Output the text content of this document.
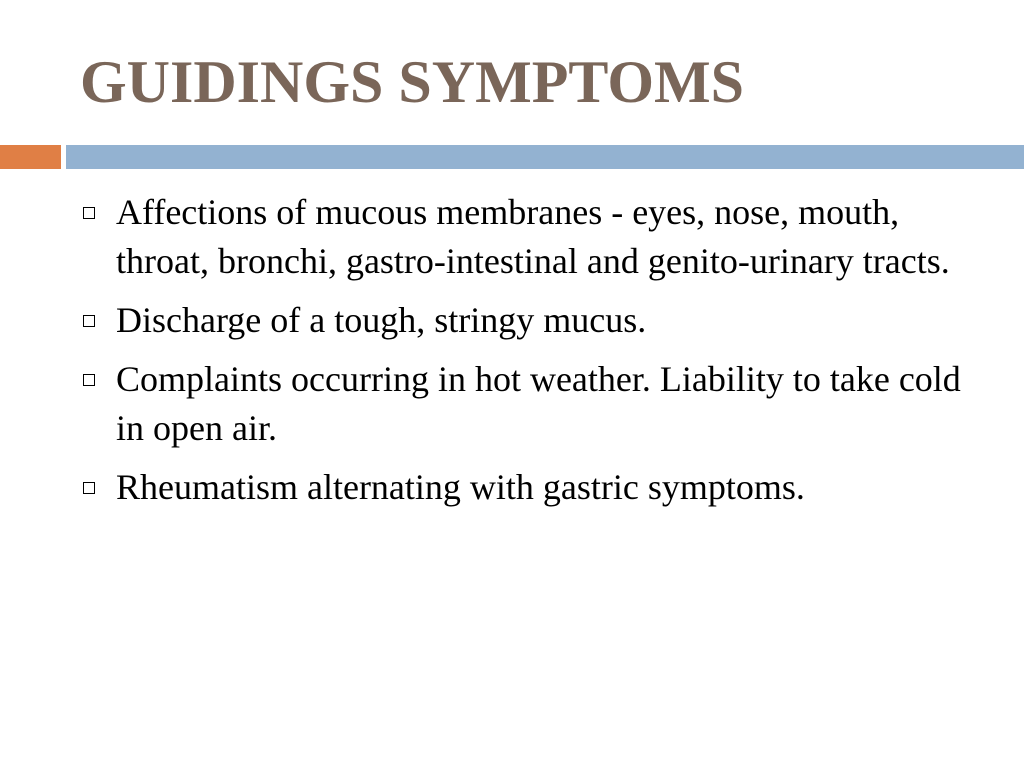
GUIDINGS SYMPTOMS
Affections of mucous membranes - eyes, nose, mouth, throat, bronchi, gastro-intestinal and genito-urinary tracts.
Discharge of a tough, stringy mucus.
Complaints occurring in hot weather. Liability to take cold in open air.
Rheumatism alternating with gastric symptoms.
